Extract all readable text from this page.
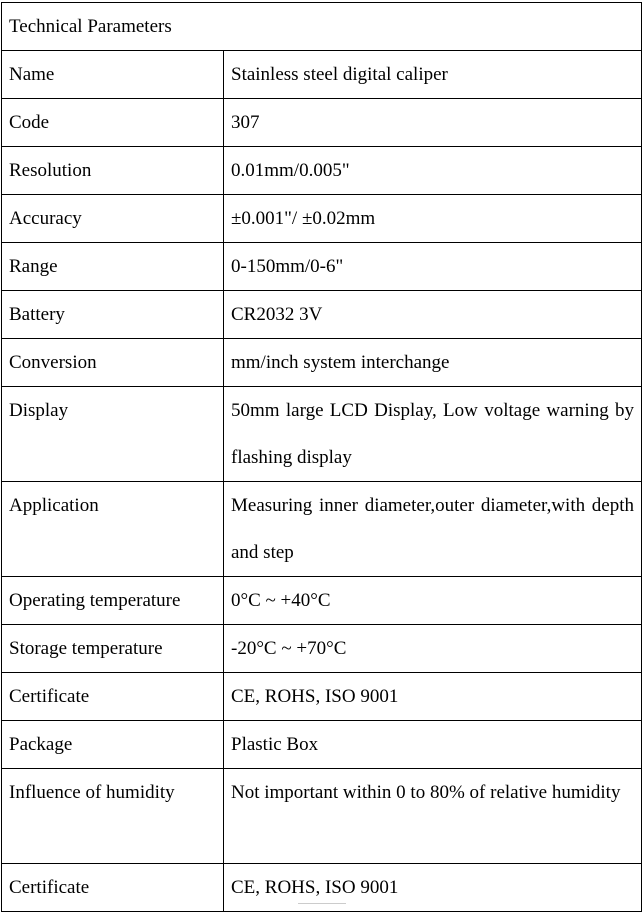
Technical Parameters	
Name	Stainless steel digital caliper
Code	307
Resolution	0.01mm/0.005"
Accuracy	±0.001"/ ±0.02mm
Range	0-150mm/0-6"
Battery	CR2032 3V
Conversion	mm/inch system interchange
Display	50mm large LCD Display, Low voltage warning by flashing display
Application	Measuring inner diameter,outer diameter,with depth and step
Operating temperature	0°C ~ +40°C
Storage temperature	-20°C ~ +70°C
Certificate	CE, ROHS, ISO 9001
Package	Plastic Box
Influence of humidity	Not important within 0 to 80% of relative humidity
Certificate	CE, ROHS, ISO 9001
